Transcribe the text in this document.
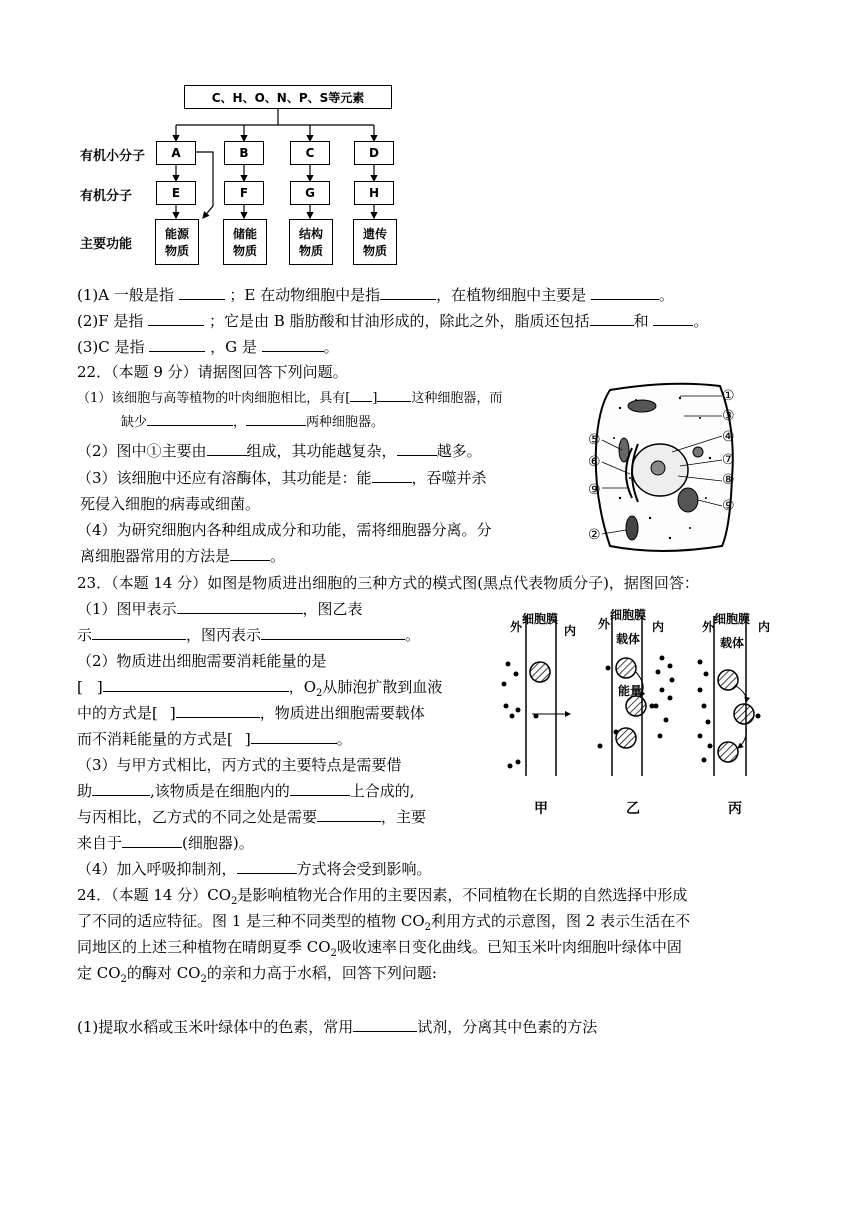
C、H、O、N、P、S等元素
有机小分子
有机分子
主要功能
A	B	C	D
E	F	G	H
能源
物质
储能
物质
结构
物质
遗传
物质
(1)A 一般是指	；E 在动物细胞中是指	，在植物细胞中主要是	。
(2)F 是指	；它是由 B 脂肪酸和甘油形成的，除此之外，脂质还包括	和	。
(3)C 是指	，G 是	。
22．（本题 9 分）请据图回答下列问题。
（1）该细胞与高等植物的叶肉细胞相比，具有[ ]	这种细胞器，而
缺少	，	两种细胞器。
（2）图中①主要由	组成，其功能越复杂，	越多。
（3）该细胞中还应有溶酶体，其功能是：能	，吞噬并杀
死侵入细胞的病毒或细菌。
（4）为研究细胞内各种组成成分和功能，需将细胞器分离。分
离细胞器常用的方法是	。
①
③
④
⑤
⑥	⑦
⑧
⑨
⑨
②
23．（本题 14 分）如图是物质进出细胞的三种方式的模式图(黑点代表物质分子)，据图回答：
（1）图甲表示	，图乙表
示	，图丙表示	。
（2）物质进出细胞需要消耗能量的是
[ ]	，$O_2$从肺泡扩散到血液
中的方式是[ ]	，物质进出细胞需要载体
而不消耗能量的方式是[ ]	。
（3）与甲方式相比，丙方式的主要特点是需要借
助	,该物质是在细胞内的	上合成的,
与丙相比，乙方式的不同之处是需要	，主要
来自于	(细胞器)。
（4）加入呼吸抑制剂，	方式将会受到影响。
外
细胞膜
内 外
细胞膜
内
载体
能量
外
细胞膜
内
载体
甲	乙	丙
24．（本题 14 分）$CO_2$是影响植物光合作用的主要因素，不同植物在长期的自然选择中形成
了不同的适应特征。图 1 是三种不同类型的植物 $CO_2$利用方式的示意图，图 2 表示生活在不
同地区的上述三种植物在晴朗夏季 $CO_2$吸收速率日变化曲线。已知玉米叶肉细胞叶绿体中固
定 $CO_2$的酶对 $CO_2$的亲和力高于水稻，回答下列问题:
(1)提取水稻或玉米叶绿体中的色素，常用	试剂，分离其中色素的方法
